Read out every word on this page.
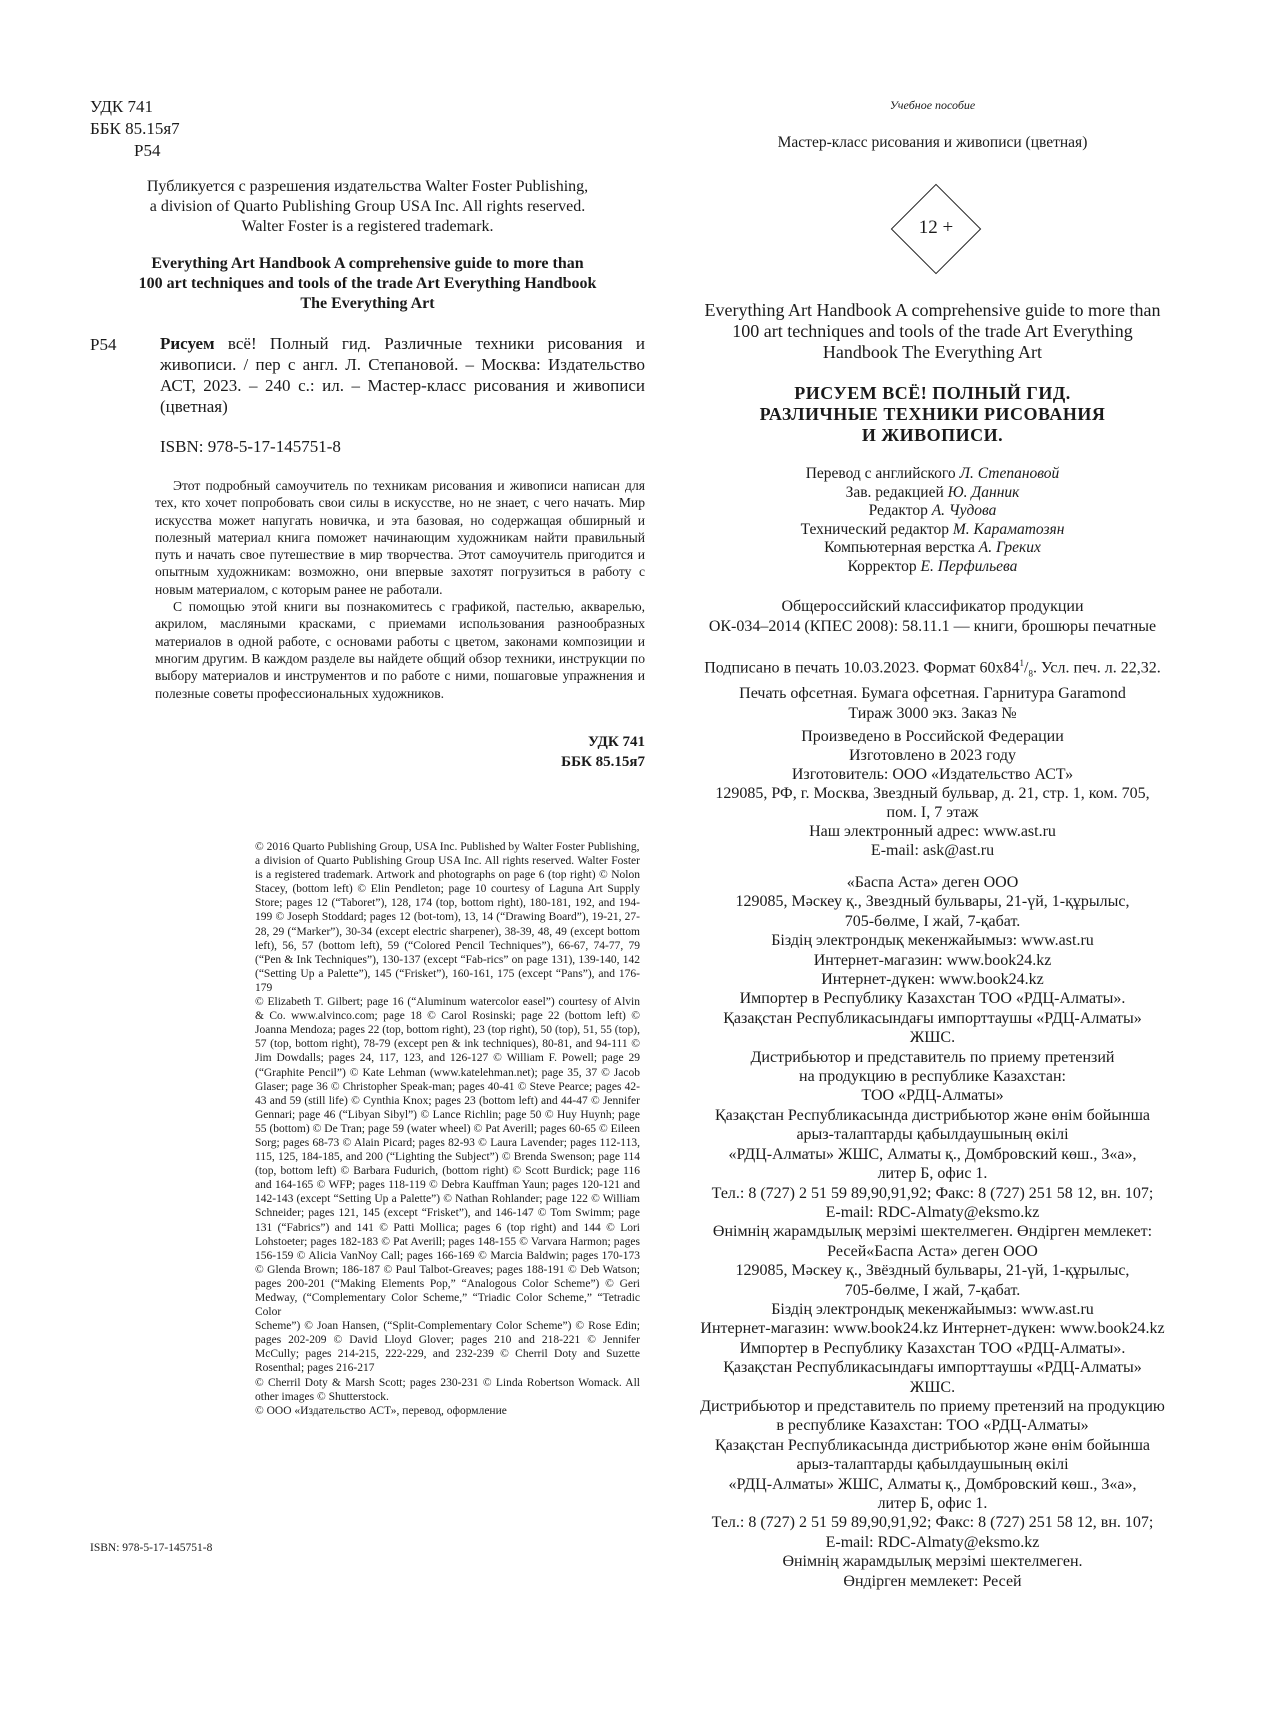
УДК 741
ББК 85.15я7
Р54
Публикуется с разрешения издательства Walter Foster Publishing,
a division of Quarto Publishing Group USA Inc. All rights reserved.
Walter Foster is a registered trademark.
Everything Art Handbook A comprehensive guide to more than
100 art techniques and tools of the trade Art Everything Handbook
The Everything Art
Р54	Рисуем всё! Полный гид. Различные техники рисования и живописи. / пер с англ. Л. Степановой. – Москва: Издательство АСТ, 2023. – 240 с.: ил. – Мастер-класс рисования и живописи (цветная)
ISBN: 978-5-17-145751-8

Этот подробный самоучитель по техникам рисования и живописи написан для тех, кто хочет попробовать свои силы в искусстве, но не знает, с чего начать. Мир искусства может напугать новичка, и эта базовая, но содержащая обширный и полезный материал книга поможет начинающим художникам найти правильный путь и начать свое путешествие в мир творчества. Этот самоучитель пригодится и опытным художникам: возможно, они впервые захотят погрузиться в работу с новым материалом, с которым ранее не работали.

С помощью этой книги вы познакомитесь с графикой, пастелью, акварелью, акрилом, масляными красками, с приемами использования разнообразных материалов в одной работе, с основами работы с цветом, законами композиции и многим другим. В каждом разделе вы найдете общий обзор техники, инструкции по выбору материалов и инструментов и по работе с ними, пошаговые упражнения и полезные советы профессиональных художников.

УДК 741
ББК 85.15я7

© 2016 Quarto Publishing Group, USA Inc. Published by Walter Foster Publishing,

a division of Quarto Publishing Group USA Inc. All rights reserved. Walter Foster is a registered trademark. Artwork and photographs on page 6 (top right) © Nolon Stacey, (bottom left) © Elin Pendleton; page 10 courtesy of Laguna Art Supply Store; pages 12 (“Taboret”), 128, 174 (top, bottom right), 180-181, 192, and 194-199 © Joseph Stoddard; pages 12 (bot-tom), 13, 14 (“Drawing Board”), 19-21, 27-28, 29 (“Marker”), 30-34 (except electric sharpener), 38-39, 48, 49 (except bottom left), 56, 57 (bottom left), 59 (“Colored Pencil Techniques”), 66-67, 74-77, 79 (“Pen & Ink Techniques”), 130-137 (except “Fab-rics” on page 131), 139-140, 142 (“Setting Up a Palette”), 145 (“Frisket”), 160-161, 175 (except “Pans”), and 176-179

© Elizabeth T. Gilbert; page 16 (“Aluminum watercolor easel”) courtesy of Alvin & Co. www.alvinco.com; page 18 © Carol Rosinski; page 22 (bottom left) © Joanna Mendoza; pages 22 (top, bottom right), 23 (top right), 50 (top), 51, 55 (top), 57 (top, bottom right), 78-79 (except pen & ink techniques), 80-81, and 94-111 © Jim Dowdalls; pages 24, 117, 123, and 126-127 © William F. Powell; page 29 (“Graphite Pencil”) © Kate Lehman (www.katelehman.net); page 35, 37 © Jacob Glaser; page 36 © Christopher Speak-man; pages 40-41 © Steve Pearce; pages 42-43 and 59 (still life) © Cynthia Knox; pages 23 (bottom left) and 44-47 © Jennifer Gennari; page 46 (“Libyan Sibyl”) © Lance Richlin; page 50 © Huy Huynh; page 55 (bottom) © De Tran; page 59 (water wheel) © Pat Averill; pages 60-65 © Eileen Sorg; pages 68-73 © Alain Picard; pages 82-93 © Laura Lavender; pages 112-113, 115, 125, 184-185, and 200 (“Lighting the Subject”) © Brenda Swenson; page 114 (top, bottom left) © Barbara Fudurich, (bottom right) © Scott Burdick; page 116 and 164-165 © WFP; pages 118-119 © Debra Kauffman Yaun; pages 120-121 and 142-143 (except “Setting Up a Palette”) © Nathan Rohlander; page 122 © William Schneider; pages 121, 145 (except “Frisket”), and 146-147 © Tom Swimm; page 131 (“Fabrics”) and 141 © Patti Mollica; pages 6 (top right) and 144 © Lori Lohstoeter; pages 182-183 © Pat Averill; pages 148-155 © Varvara Harmon; pages 156-159 © Alicia VanNoy Call; pages 166-169 © Marcia Baldwin; pages 170-173 © Glenda Brown; 186-187 © Paul Talbot-Greaves; pages 188-191 © Deb Watson; pages 200-201 (“Making Elements Pop,” “Analogous Color Scheme”) © Geri Medway, (“Complementary Color Scheme,” “Triadic Color Scheme,” “Tetradic Color

Scheme”) © Joan Hansen, (“Split-Complementary Color Scheme”) © Rose Edin; pages 202-209 © David Lloyd Glover; pages 210 and 218-221 © Jennifer McCully; pages 214-215, 222-229, and 232-239 © Cherril Doty and Suzette Rosenthal; pages 216-217

© Cherril Doty & Marsh Scott; pages 230-231 © Linda Robertson Womack. All other images © Shutterstock.

© ООО «Издательство АСТ», перевод, оформление

ISBN: 978-5-17-145751-8
Учебное пособие
Мастер-класс рисования и живописи (цветная)
12 +
Everything Art Handbook A comprehensive guide to more than
100 art techniques and tools of the trade Art Everything
Handbook The Everything Art
РИСУЕМ ВСЁ! ПОЛНЫЙ ГИД.
РАЗЛИЧНЫЕ ТЕХНИКИ РИСОВАНИЯ
И ЖИВОПИСИ.
Перевод с английского Л. Степановой
Зав. редакцией Ю. Данник
Редактор А. Чудова
Технический редактор М. Караматозян
Компьютерная верстка А. Греких
Корректор Е. Перфильева
Общероссийский классификатор продукции
ОК-034–2014 (КПЕС 2008): 58.11.1 — книги, брошюры печатные
Подписано в печать 10.03.2023. Формат $60x84^1/_8$. Усл. печ. л. 22,32.
Печать офсетная. Бумага офсетная. Гарнитура Garamond
Тираж 3000 экз. Заказ №
Произведено в Российской Федерации
Изготовлено в 2023 году
Изготовитель: ООО «Издательство АСТ»
129085, РФ, г. Москва, Звездный бульвар, д. 21, стр. 1, ком. 705,
пом. I, 7 этаж
Наш электронный адрес: www.ast.ru
E-mail: ask@ast.ru
«Баспа Аста» деген ООО
129085, Мәскеу қ., Звездный бульвары, 21-үй, 1-құрылыс,
705-бөлме, I жай, 7-қабат.
Біздің электрондық мекенжайымыз: www.ast.ru
Интернет-магазин: www.book24.kz
Интернет-дүкен: www.book24.kz
Импортер в Республику Казахстан ТОО «РДЦ-Алматы».
Қазақстан Республикасындағы импорттаушы «РДЦ-Алматы»
ЖШС.
Дистрибьютор и представитель по приему претензий
на продукцию в республике Казахстан:
ТОО «РДЦ-Алматы»
Қазақстан Республикасында дистрибьютор және өнім бойынша
арыз-талаптарды қабылдаушының өкілі
«РДЦ-Алматы» ЖШС, Алматы қ., Домбровский көш., 3«а»,
литер Б, офис 1.
Тел.: 8 (727) 2 51 59 89,90,91,92; Факс: 8 (727) 251 58 12, вн. 107;
E-mail: RDC-Almaty@eksmo.kz
Өнімнің жарамдылық мерзімі шектелмеген. Өндірген мемлекет:
Ресей«Баспа Аста» деген ООО
129085, Мәскеу қ., Звёздный бульвары, 21-үй, 1-құрылыс,
705-бөлме, I жай, 7-қабат.
Біздің электрондық мекенжайымыз: www.ast.ru
Интернет-магазин: www.book24.kz Интернет-дүкен: www.book24.kz
Импортер в Республику Казахстан ТОО «РДЦ-Алматы».
Қазақстан Республикасындағы импорттаушы «РДЦ-Алматы»
ЖШС.
Дистрибьютор и представитель по приему претензий на продукцию
в республике Казахстан: ТОО «РДЦ-Алматы»
Қазақстан Республикасында дистрибьютор және өнім бойынша
арыз-талаптарды қабылдаушының өкілі
«РДЦ-Алматы» ЖШС, Алматы қ., Домбровский көш., 3«а»,
литер Б, офис 1.
Тел.: 8 (727) 2 51 59 89,90,91,92; Факс: 8 (727) 251 58 12, вн. 107;
E-mail: RDC-Almaty@eksmo.kz
Өнімнің жарамдылық мерзімі шектелмеген.
Өндірген мемлекет: Ресей
